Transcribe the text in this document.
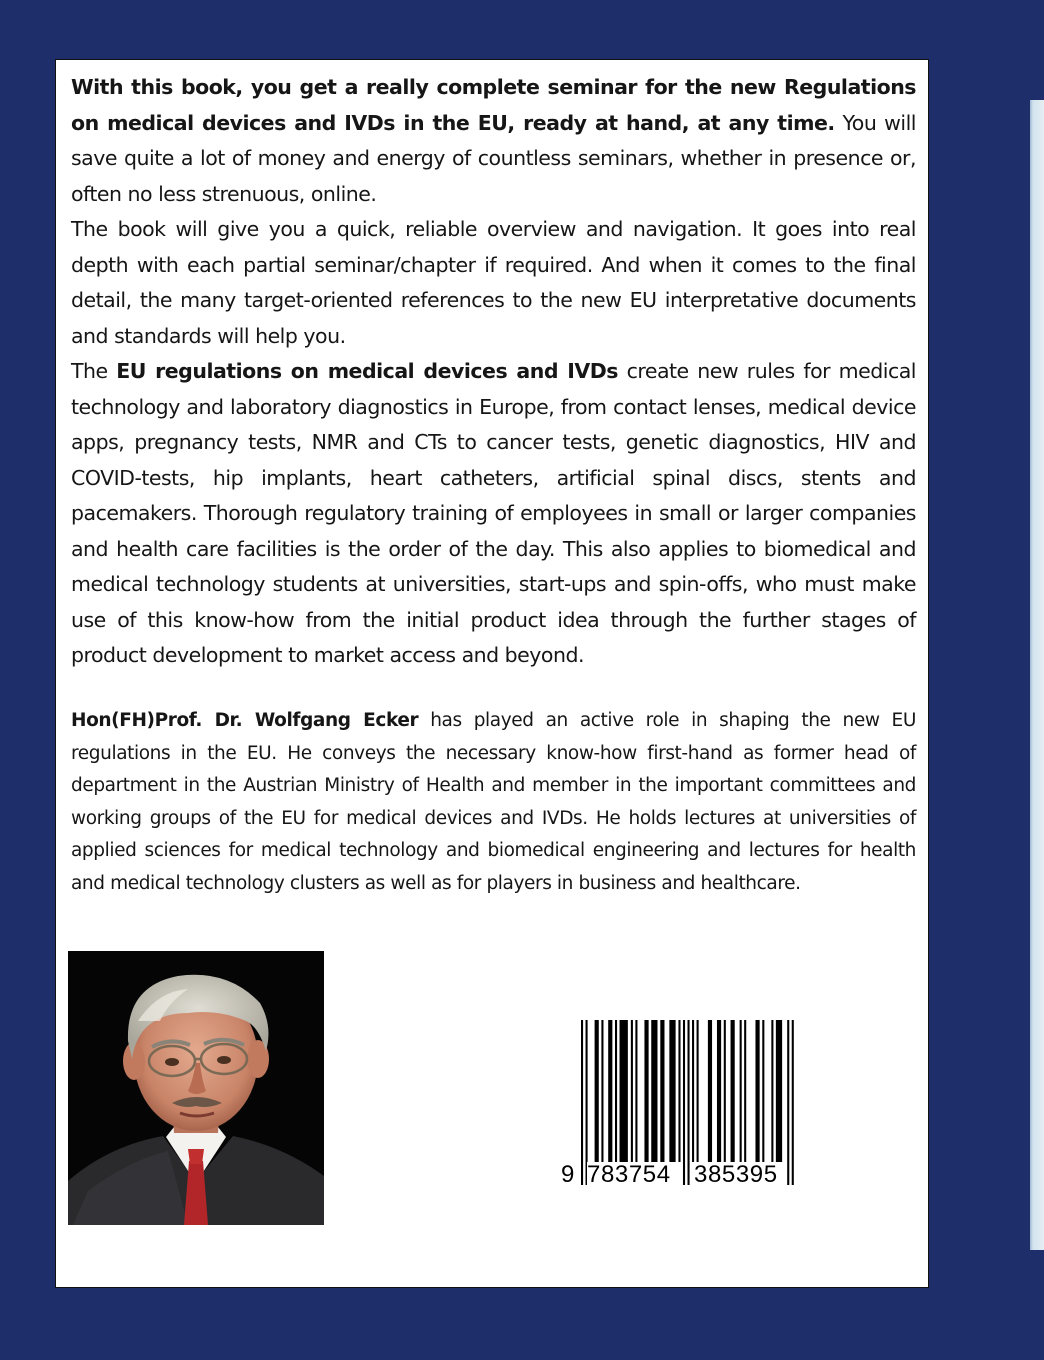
With this book, you get a really complete seminar for the new Regulations on medical devices and IVDs in the EU, ready at hand, at any time. You will save quite a lot of money and energy of countless seminars, whether in presence or, often no less strenuous, online.

The book will give you a quick, reliable overview and navigation. It goes into real depth with each partial seminar/chapter if required. And when it comes to the final detail, the many target-oriented references to the new EU interpretative documents and standards will help you.

The EU regulations on medical devices and IVDs create new rules for medical technology and laboratory diagnostics in Europe, from contact lenses, medical device apps, pregnancy tests, NMR and CTs to cancer tests, genetic diagnostics, HIV and COVID-tests, hip implants, heart catheters, artificial spinal discs, stents and pacemakers. Thorough regulatory training of employees in small or larger companies and health care facilities is the order of the day. This also applies to biomedical and medical technology students at universities, start-ups and spin-offs, who must make use of this know-how from the initial product idea through the further stages of product development to market access and beyond.

Hon(FH)Prof. Dr. Wolfgang Ecker has played an active role in shaping the new EU regulations in the EU. He conveys the necessary know-how first-hand as former head of department in the Austrian Ministry of Health and member in the important committees and working groups of the EU for medical devices and IVDs. He holds lectures at universities of applied sciences for medical technology and biomedical engineering and lectures for health and medical technology clusters as well as for players in business and healthcare.

9 783754 385395
